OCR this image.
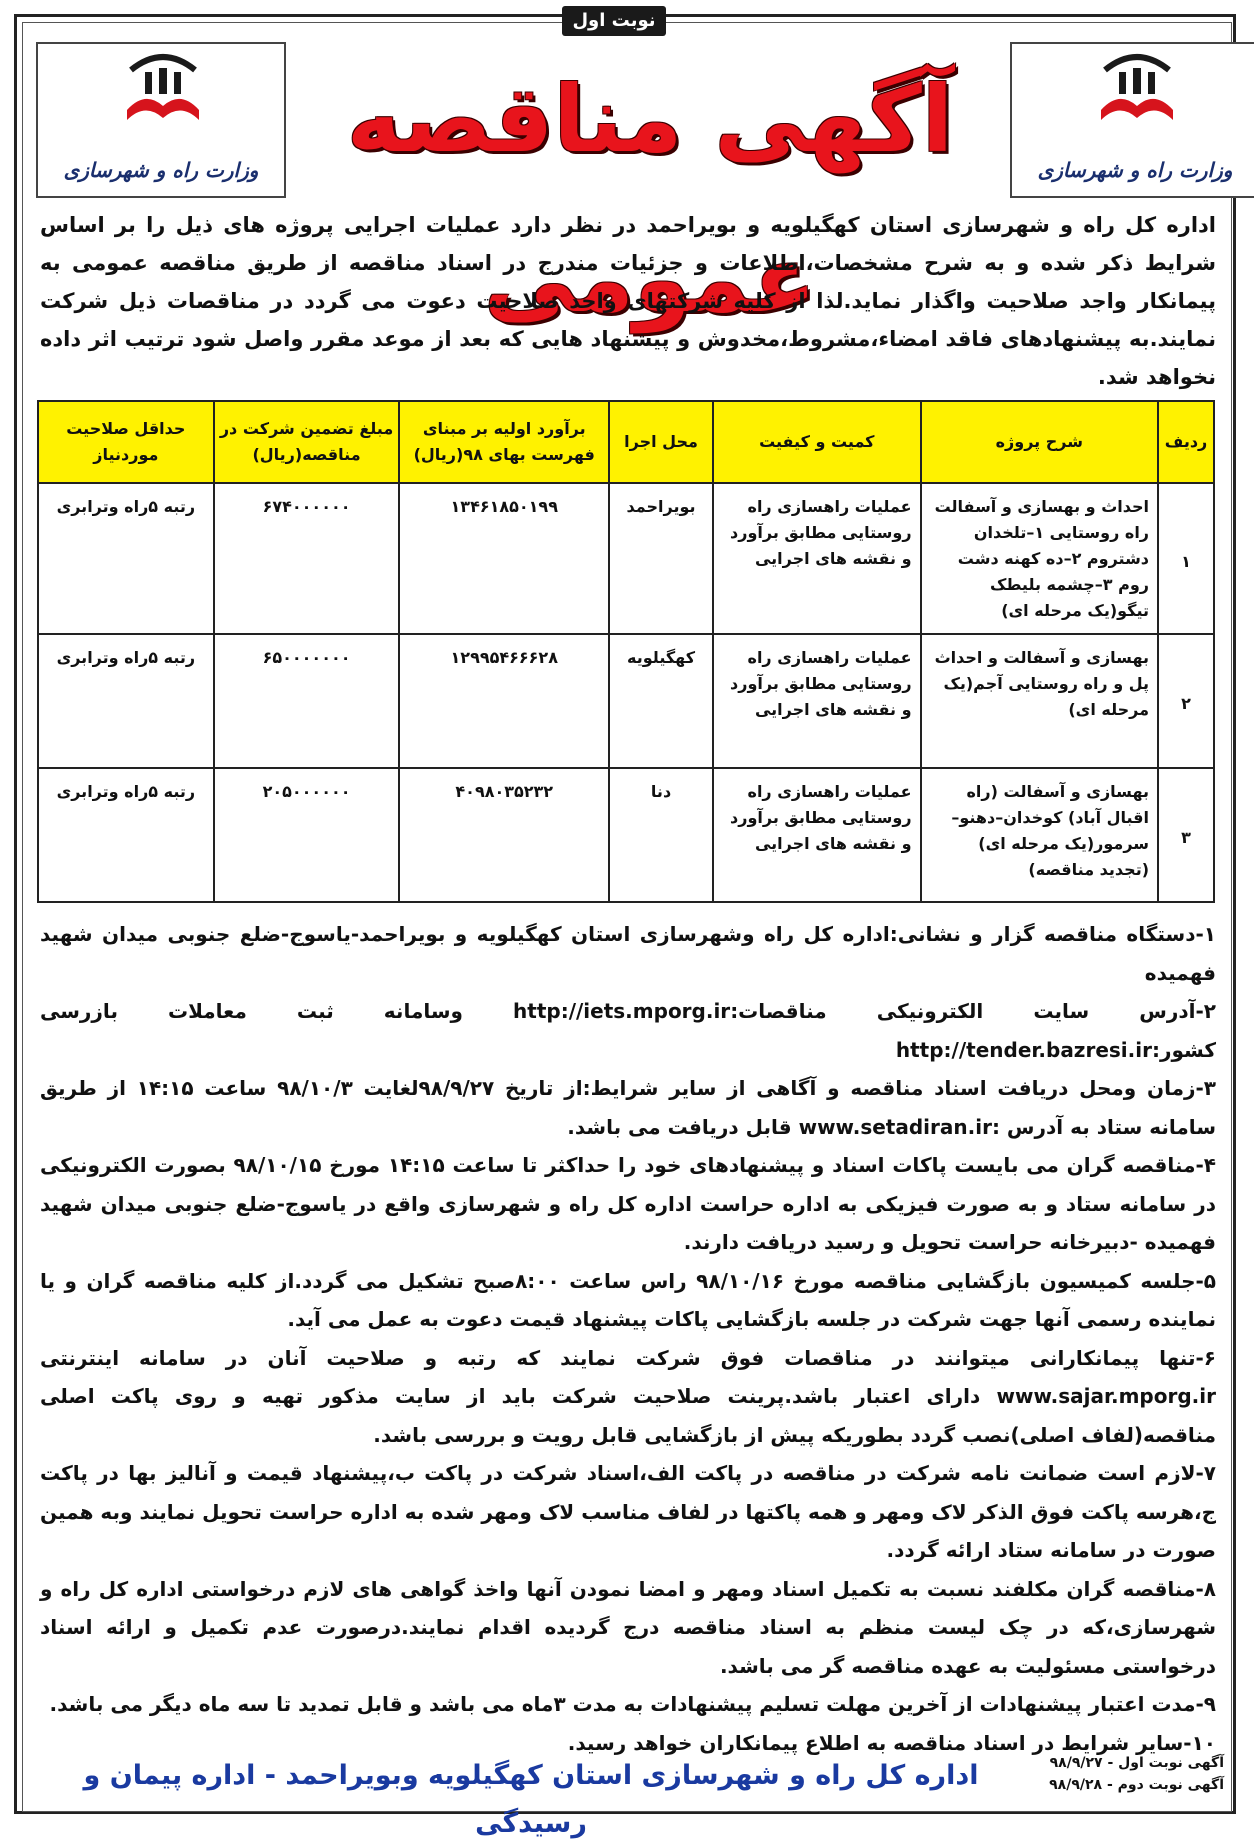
نوبت اول
وزارت راه و شهرسازی	وزارت راه و شهرسازی
آگهی مناقصه عمومی
اداره کل راه و شهرسازی استان کهگیلویه و بویراحمد در نظر دارد عملیات اجرایی پروژه های ذیل را بر اساس شرایط ذکر شده و به شرح مشخصات،اطلاعات و جزئیات مندرج در اسناد مناقصه از طریق مناقصه عمومی به پیمانکار واجد صلاحیت واگذار نماید.لذا از کلیه شرکتهای واجد صلاحیت دعوت می گردد در مناقصات ذیل شرکت نمایند.به پیشنهادهای فاقد امضاء،مشروط،مخدوش و پیشنهاد هایی که بعد از موعد مقرر واصل شود ترتیب اثر داده نخواهد شد.
ردیف	شرح پروژه	کمیت و کیفیت	محل اجرا	برآورد اولیه بر مبنای فهرست بهای ۹۸(ریال)	مبلغ تضمین شرکت در مناقصه(ریال)	حداقل صلاحیت موردنیاز
۱	احداث و بهسازی و آسفالت راه روستایی ۱–تلخدان دشتروم ۲–ده کهنه دشت روم ۳–چشمه بلیطک تیگو(یک مرحله ای)	عملیات راهسازی راه روستایی مطابق برآورد و نقشه های اجرایی	بویراحمد	۱۳۴۶۱۸۵۰۱۹۹	۶۷۴۰۰۰۰۰۰	رتبه ۵راه وترابری
۲	بهسازی و آسفالت و احداث پل و راه روستایی آجم(یک مرحله ای)	عملیات راهسازی راه روستایی مطابق برآورد و نقشه های اجرایی	کهگیلویه	۱۲۹۹۵۴۶۶۶۲۸	۶۵۰۰۰۰۰۰۰	رتبه ۵راه وترابری
۳	بهسازی و آسفالت (راه اقبال آباد) کوخدان–دهنو–سرمور(یک مرحله ای)(تجدید مناقصه)	عملیات راهسازی راه روستایی مطابق برآورد و نقشه های اجرایی	دنا	۴۰۹۸۰۳۵۲۳۲	۲۰۵۰۰۰۰۰۰	رتبه ۵راه وترابری

۱-دستگاه مناقصه گزار و نشانی:اداره کل راه وشهرسازی استان کهگیلویه و بویراحمد-یاسوج-ضلع جنوبی میدان شهید فهمیده

۲-آدرس سایت الکترونیکی مناقصات:http://iets.mporg.ir وسامانه ثبت معاملات بازرسی کشور:http://tender.bazresi.ir

۳-زمان ومحل دریافت اسناد مناقصه و آگاهی از سایر شرایط:از تاریخ ۹۸/۹/۲۷لغایت ۹۸/۱۰/۳ ساعت ۱۴:۱۵ از طریق سامانه ستاد به آدرس :www.setadiran.ir قابل دریافت می باشد.

۴-مناقصه گران می بایست پاکات اسناد و پیشنهادهای خود را حداکثر تا ساعت ۱۴:۱۵ مورخ ۹۸/۱۰/۱۵ بصورت الکترونیکی در سامانه ستاد و به صورت فیزیکی به اداره حراست اداره کل راه و شهرسازی واقع در یاسوج-ضلع جنوبی میدان شهید فهمیده -دبیرخانه حراست تحویل و رسید دریافت دارند.

۵-جلسه کمیسیون بازگشایی مناقصه مورخ ۹۸/۱۰/۱۶ راس ساعت ۸:۰۰صبح تشکیل می گردد.از کلیه مناقصه گران و یا نماینده رسمی آنها جهت شرکت در جلسه بازگشایی پاکات پیشنهاد قیمت دعوت به عمل می آید.

۶-تنها پیمانکارانی میتوانند در مناقصات فوق شرکت نمایند که رتبه و صلاحیت آنان در سامانه اینترنتی www.sajar.mporg.ir دارای اعتبار باشد.پرینت صلاحیت شرکت باید از سایت مذکور تهیه و روی پاکت اصلی مناقصه(لفاف اصلی)نصب گردد بطوریکه پیش از بازگشایی قابل رویت و بررسی باشد.

۷-لازم است ضمانت نامه شرکت در مناقصه در پاکت الف،اسناد شرکت در پاکت ب،پیشنهاد قیمت و آنالیز بها در پاکت ج،هرسه پاکت فوق الذکر لاک ومهر و همه پاکتها در لفاف مناسب لاک ومهر شده به اداره حراست تحویل نمایند وبه همین صورت در سامانه ستاد ارائه گردد.

۸-مناقصه گران مکلفند نسبت به تکمیل اسناد ومهر و امضا نمودن آنها واخذ گواهی های لازم درخواستی اداره کل راه و شهرسازی،که در چک لیست منظم به اسناد مناقصه درج گردیده اقدام نمایند.درصورت عدم تکمیل و ارائه اسناد درخواستی مسئولیت به عهده مناقصه گر می باشد.

۹-مدت اعتبار پیشنهادات از آخرین مهلت تسلیم پیشنهادات به مدت ۳ماه می باشد و قابل تمدید تا سه ماه دیگر می باشد.

۱۰-سایر شرایط در اسناد مناقصه به اطلاع پیمانکاران خواهد رسید.

آگهی نوبت اول - ۹۸/۹/۲۷
آگهی نوبت دوم - ۹۸/۹/۲۸
اداره کل راه و شهرسازی استان کهگیلویه وبویراحمد - اداره پیمان و رسیدگی
